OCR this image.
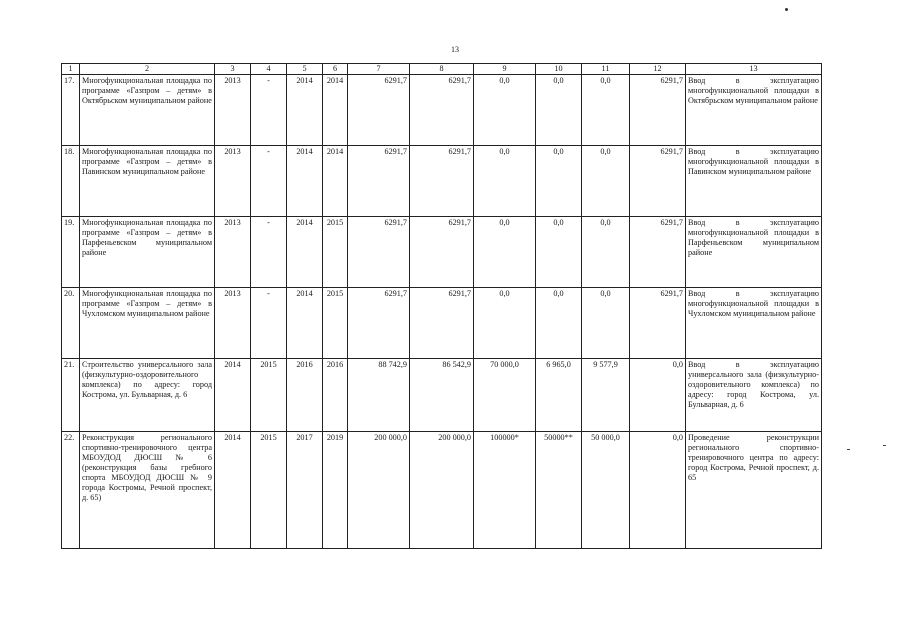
13
1	2	3	4	5	6	7	8	9	10	11	12	13
17.	Многофункциональная площадка по программе «Газпром – детям» в Октябрьском муниципальном районе	2013	-	2014	2014	6291,7	6291,7	0,0	0,0	0,0	6291,7	Ввод в эксплуатацию многофункциональной площадки в Октябрьском муниципальном районе
18.	Многофункциональная площадка по программе «Газпром – детям» в Павинском муниципальном районе	2013	-	2014	2014	6291,7	6291,7	0,0	0,0	0,0	6291,7	Ввод в эксплуатацию многофункциональной площадки в Павинском муниципальном районе
19.	Многофункциональная площадка по программе «Газпром – детям» в Парфеньевском муниципальном районе	2013	-	2014	2015	6291,7	6291,7	0,0	0,0	0,0	6291,7	Ввод в эксплуатацию многофункциональной площадки в Парфеньевском муниципальном районе
20.	Многофункциональная площадка по программе «Газпром – детям» в Чухломском муниципальном районе	2013	-	2014	2015	6291,7	6291,7	0,0	0,0	0,0	6291,7	Ввод в эксплуатацию многофункциональной площадки в Чухломском муниципальном районе
21.	Строительство универсального зала (физкультурно-оздоровительного комплекса) по адресу: город Кострома, ул. Бульварная, д. 6	2014	2015	2016	2016	88 742,9	86 542,9	70 000,0	6 965,0	9 577,9	0,0	Ввод в эксплуатацию универсального зала (физкультурно-оздоровительного комплекса) по адресу: город Кострома, ул. Бульварная, д. 6
22.	Реконструкция регионального спортивно-тренировочного центра МБОУДОД ДЮСШ № 6 (реконструкция базы гребного спорта МБОУДОД ДЮСШ № 9 города Костромы, Речной проспект, д. 65)	2014	2015	2017	2019	200 000,0	200 000,0	100000*	50000**	50 000,0	0,0	Проведение реконструкции регионального спортивно-тренировочного центра по адресу: город Кострома, Речной проспект, д. 65
